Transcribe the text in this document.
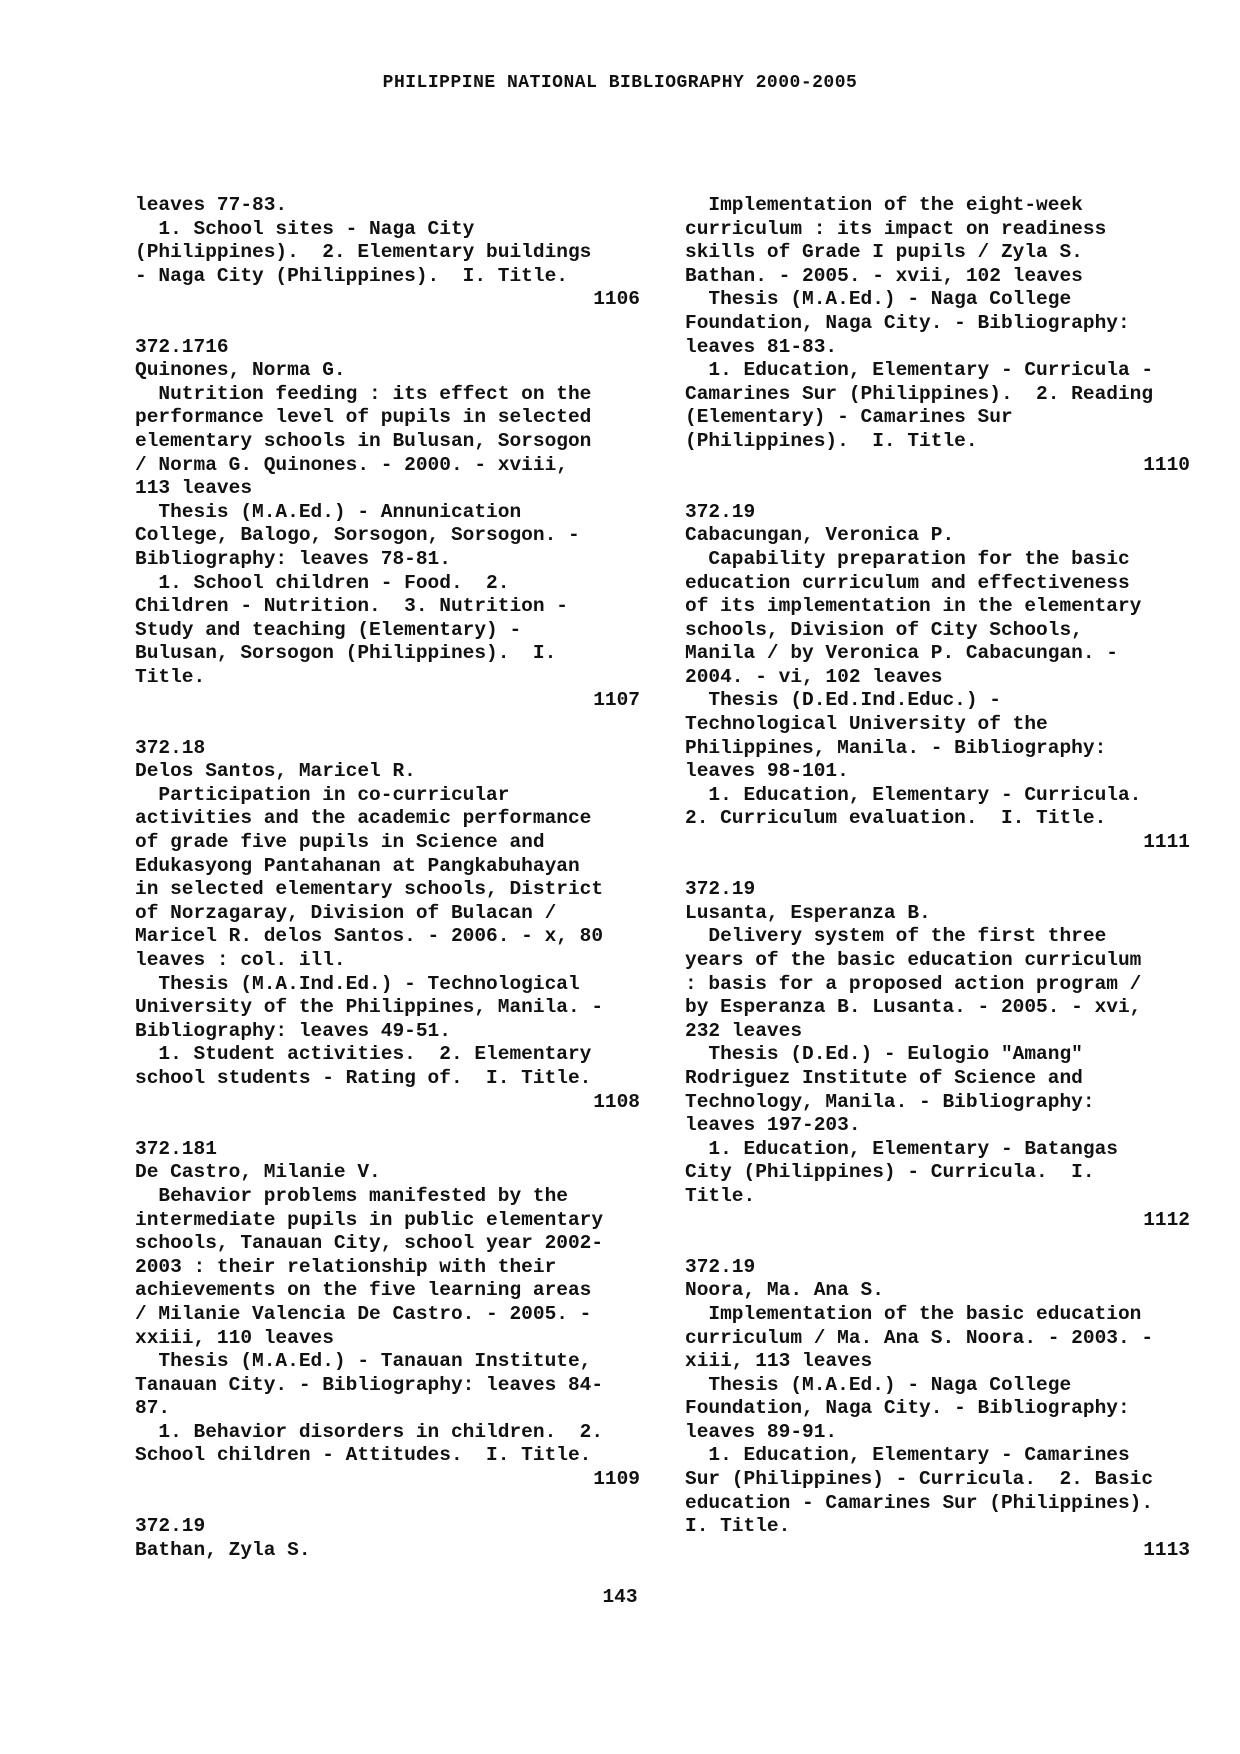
PHILIPPINE NATIONAL BIBLIOGRAPHY 2000-2005
leaves 77-83.
1. School sites - Naga City
(Philippines).  2. Elementary buildings
- Naga City (Philippines).  I. Title.
1106
372.1716
Quinones, Norma G.
Nutrition feeding : its effect on the
performance level of pupils in selected
elementary schools in Bulusan, Sorsogon
/ Norma G. Quinones. - 2000. - xviii,
113 leaves
Thesis (M.A.Ed.) - Annunication
College, Balogo, Sorsogon, Sorsogon. -
Bibliography: leaves 78-81.
1. School children - Food.  2.
Children - Nutrition.  3. Nutrition -
Study and teaching (Elementary) -
Bulusan, Sorsogon (Philippines).  I.
Title.
1107
372.18
Delos Santos, Maricel R.
Participation in co-curricular
activities and the academic performance
of grade five pupils in Science and
Edukasyong Pantahanan at Pangkabuhayan
in selected elementary schools, District
of Norzagaray, Division of Bulacan /
Maricel R. delos Santos. - 2006. - x, 80
leaves : col. ill.
Thesis (M.A.Ind.Ed.) - Technological
University of the Philippines, Manila. -
Bibliography: leaves 49-51.
1. Student activities.  2. Elementary
school students - Rating of.  I. Title.
1108
372.181
De Castro, Milanie V.
Behavior problems manifested by the
intermediate pupils in public elementary
schools, Tanauan City, school year 2002-
2003 : their relationship with their
achievements on the five learning areas
/ Milanie Valencia De Castro. - 2005. -
xxiii, 110 leaves
Thesis (M.A.Ed.) - Tanauan Institute,
Tanauan City. - Bibliography: leaves 84-
87.
1. Behavior disorders in children.  2.
School children - Attitudes.  I. Title.
1109
372.19
Bathan, Zyla S.
Implementation of the eight-week
curriculum : its impact on readiness
skills of Grade I pupils / Zyla S.
Bathan. - 2005. - xvii, 102 leaves
Thesis (M.A.Ed.) - Naga College
Foundation, Naga City. - Bibliography:
leaves 81-83.
1. Education, Elementary - Curricula -
Camarines Sur (Philippines).  2. Reading
(Elementary) - Camarines Sur
(Philippines).  I. Title.
1110
372.19
Cabacungan, Veronica P.
Capability preparation for the basic
education curriculum and effectiveness
of its implementation in the elementary
schools, Division of City Schools,
Manila / by Veronica P. Cabacungan. -
2004. - vi, 102 leaves
Thesis (D.Ed.Ind.Educ.) -
Technological University of the
Philippines, Manila. - Bibliography:
leaves 98-101.
1. Education, Elementary - Curricula.
2. Curriculum evaluation.  I. Title.
1111
372.19
Lusanta, Esperanza B.
Delivery system of the first three
years of the basic education curriculum
: basis for a proposed action program /
by Esperanza B. Lusanta. - 2005. - xvi,
232 leaves
Thesis (D.Ed.) - Eulogio "Amang"
Rodriguez Institute of Science and
Technology, Manila. - Bibliography:
leaves 197-203.
1. Education, Elementary - Batangas
City (Philippines) - Curricula.  I.
Title.
1112
372.19
Noora, Ma. Ana S.
Implementation of the basic education
curriculum / Ma. Ana S. Noora. - 2003. -
xiii, 113 leaves
Thesis (M.A.Ed.) - Naga College
Foundation, Naga City. - Bibliography:
leaves 89-91.
1. Education, Elementary - Camarines
Sur (Philippines) - Curricula.  2. Basic
education - Camarines Sur (Philippines).
I. Title.
1113
143
